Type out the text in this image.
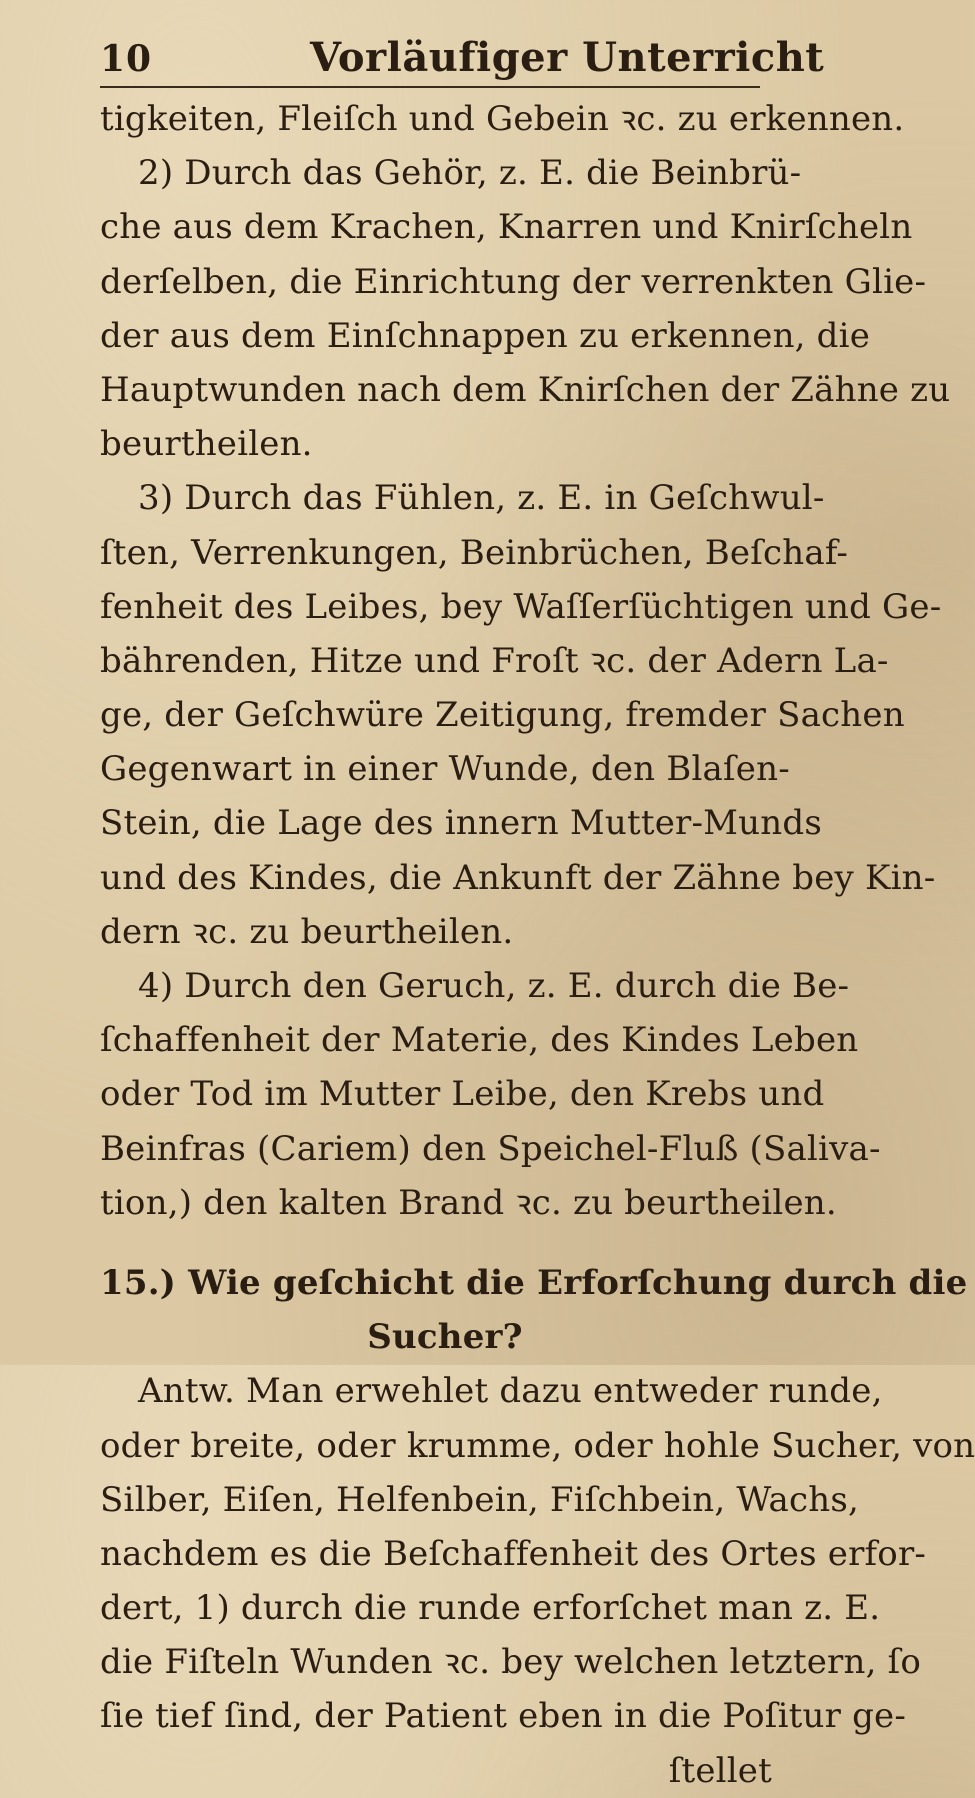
10	Vorläufiger Unterricht
tigkeiten, Fleiſch und Gebein ꝛc. zu erkennen.
2) Durch das Gehör, z. E. die Beinbrü-
che aus dem Krachen, Knarren und Knirſcheln
derſelben, die Einrichtung der verrenkten Glie-
der aus dem Einſchnappen zu erkennen, die
Hauptwunden nach dem Knirſchen der Zähne zu
beurtheilen.
3) Durch das Fühlen, z. E. in Geſchwul-
ſten, Verrenkungen, Beinbrüchen, Beſchaf-
fenheit des Leibes, bey Waſſerſüchtigen und Ge-
bährenden, Hitze und Froſt ꝛc. der Adern La-
ge, der Geſchwüre Zeitigung, fremder Sachen
Gegenwart in einer Wunde, den Blaſen-
Stein, die Lage des innern Mutter-Munds
und des Kindes, die Ankunft der Zähne bey Kin-
dern ꝛc. zu beurtheilen.
4) Durch den Geruch, z. E. durch die Be-
ſchaffenheit der Materie, des Kindes Leben
oder Tod im Mutter Leibe, den Krebs und
Beinfras (Cariem) den Speichel-Fluß (Saliva-
tion,) den kalten Brand ꝛc. zu beurtheilen.
15.) Wie geſchicht die Erforſchung durch die
Sucher?
Antw. Man erwehlet dazu entweder runde,
oder breite, oder krumme, oder hohle Sucher, von
Silber, Eiſen, Helfenbein, Fiſchbein, Wachs,
nachdem es die Beſchaffenheit des Ortes erfor-
dert, 1) durch die runde erforſchet man z. E.
die Fiſteln Wunden ꝛc. bey welchen letztern, ſo
ſie tief ſind, der Patient eben in die Poſitur ge-
ſtellet
